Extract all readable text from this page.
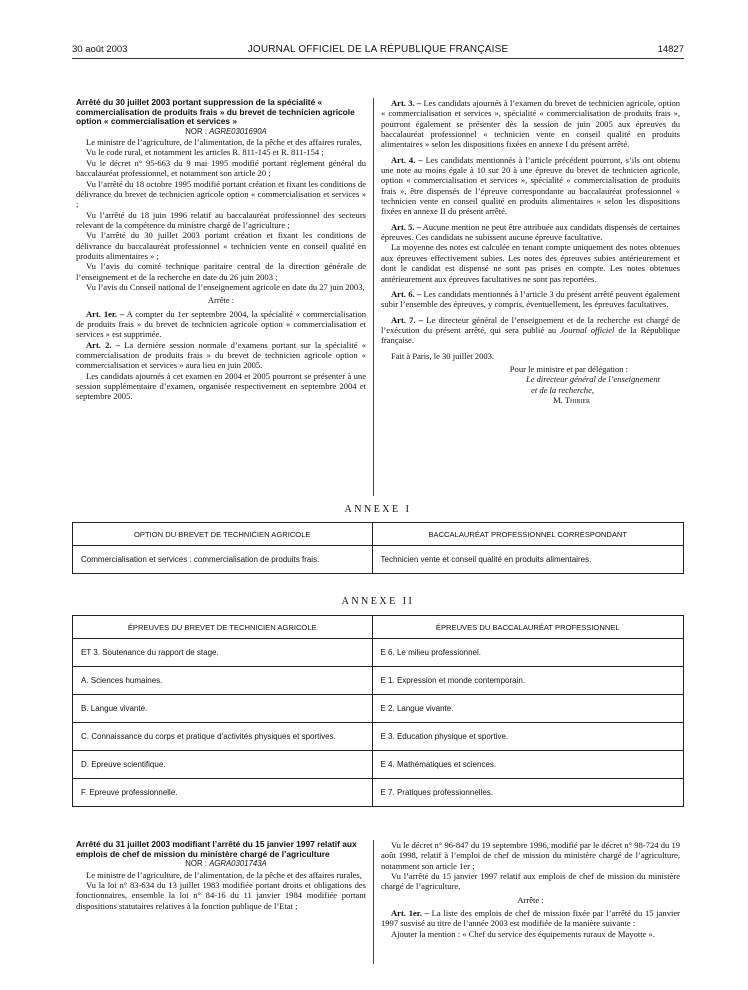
30 août 2003	JOURNAL OFFICIEL DE LA RÉPUBLIQUE FRANÇAISE	14827

Arrêté du 30 juillet 2003 portant suppression de la spécialité « commercialisation de produits frais » du brevet de technicien agricole option « commercialisation et services »

NOR : AGRE0301690A

Le ministre de l’agriculture, de l’alimentation, de la pêche et des affaires rurales,

Vu le code rural, et notamment les articles R. 811-145 et R. 811-154 ;

Vu le décret n° 95-663 du 9 mai 1995 modifié portant règlement général du baccalauréat professionnel, et notamment son article 20 ;

Vu l’arrêté du 18 octobre 1995 modifié portant création et fixant les conditions de délivrance du brevet de technicien agricole option « commercialisation et services » ;

Vu l’arrêté du 18 juin 1996 relatif au baccalauréat professionnel des secteurs relevant de la compétence du ministre chargé de l’agriculture ;

Vu l’arrêté du 30 juillet 2003 portant création et fixant les conditions de délivrance du baccalauréat professionnel « technicien vente en conseil qualité en produits alimentaires » ;

Vu l’avis du comité technique paritaire central de la direction générale de l’enseignement et de la recherche en date du 26 juin 2003 ;

Vu l’avis du Conseil national de l’enseignement agricole en date du 27 juin 2003,

Arrête :

Art. 1er. – A compter du 1er septembre 2004, la spécialité « commercialisation de produits frais » du brevet de technicien agricole option « commercialisation et services » est supprimée.

Art. 2. – La dernière session normale d’examens portant sur la spécialité « commercialisation de produits frais » du brevet de technicien agricole option « commercialisation et services » aura lieu en juin 2005.

Les candidats ajournés à cet examen en 2004 et 2005 pourront se présenter à une session supplémentaire d’examen, organisée respectivement en septembre 2004 et septembre 2005.

Art. 3. – Les candidats ajournés à l’examen du brevet de technicien agricole, option « commercialisation et services », spécialité « commercialisation de produits frais », pourront également se présenter dès la session de juin 2005 aux épreuves du baccalauréat professionnel « technicien vente en conseil qualité en produits alimentaires » selon les dispositions fixées en annexe I du présent arrêté.

Art. 4. – Les candidats mentionnés à l’article précédent pourront, s’ils ont obtenu une note au moins égale à 10 sur 20 à une épreuve du brevet de technicien agricole, option « commercialisation et services », spécialité « commercialisation de produits frais », être dispensés de l’épreuve correspondante au baccalauréat professionnel « technicien vente en conseil qualité en produits alimentaires » selon les dispositions fixées en annexe II du présent arrêté.

Art. 5. – Aucune mention ne peut être attribuée aux candidats dispensés de certaines épreuves. Ces candidats ne subissent aucune épreuve facultative.

La moyenne des notes est calculée en tenant compte uniquement des notes obtenues aux épreuves effectivement subies. Les notes des épreuves subies antérieurement et dont le candidat est dispensé ne sont pas prises en compte. Les notes obtenues antérieurement aux épreuves facultatives ne sont pas reportées.

Art. 6. – Les candidats mentionnés à l’article 3 du présent arrêté peuvent également subir l’ensemble des épreuves, y compris, éventuellement, les épreuves facultatives.

Art. 7. – Le directeur général de l’enseignement et de la recherche est chargé de l’exécution du présent arrêté, qui sera publié au Journal officiel de la République française.

Fait à Paris, le 30 juillet 2003.

Pour le ministre et par délégation :
Le directeur général de l’enseignement
et de la recherche,
M. Thibier
ANNEXE I
OPTION DU BREVET DE TECHNICIEN AGRICOLE	BACCALAURÉAT PROFESSIONNEL CORRESPONDANT
Commercialisation et services : commercialisation de produits frais.	Technicien vente et conseil qualité en produits alimentaires.
ANNEXE II
ÉPREUVES DU BREVET DE TECHNICIEN AGRICOLE	ÉPREUVES DU BACCALAURÉAT PROFESSIONNEL
ET 3. Soutenance du rapport de stage.	E 6. Le milieu professionnel.
A. Sciences humaines.	E 1. Expression et monde contemporain.
B. Langue vivante.	E 2. Langue vivante.
C. Connaissance du corps et pratique d’activités physiques et sportives.	E 3. Education physique et sportive.
D. Epreuve scientifique.	E 4. Mathématiques et sciences.
F. Epreuve professionnelle.	E 7. Pratiques professionnelles.

Arrêté du 31 juillet 2003 modifiant l’arrêté du 15 janvier 1997 relatif aux emplois de chef de mission du ministère chargé de l’agriculture

NOR : AGRA0301743A

Le ministre de l’agriculture, de l’alimentation, de la pêche et des affaires rurales,

Vu la loi n° 83-634 du 13 juillet 1983 modifiée portant droits et obligations des fonctionnaires, ensemble la loi n° 84-16 du 11 janvier 1984 modifiée portant dispositions statutaires relatives à la fonction publique de l’Etat ;

Vu le décret n° 96-847 du 19 septembre 1996, modifié par le décret n° 98-724 du 19 août 1998, relatif à l’emploi de chef de mission du ministère chargé de l’agriculture, notamment son article 1er ;

Vu l’arrêté du 15 janvier 1997 relatif aux emplois de chef de mission du ministère chargé de l’agriculture,

Arrête :

Art. 1er. – La liste des emplois de chef de mission fixée par l’arrêté du 15 janvier 1997 susvisé au titre de l’année 2003 est modifiée de la manière suivante :

Ajouter la mention : « Chef du service des équipements ruraux de Mayotte ».
